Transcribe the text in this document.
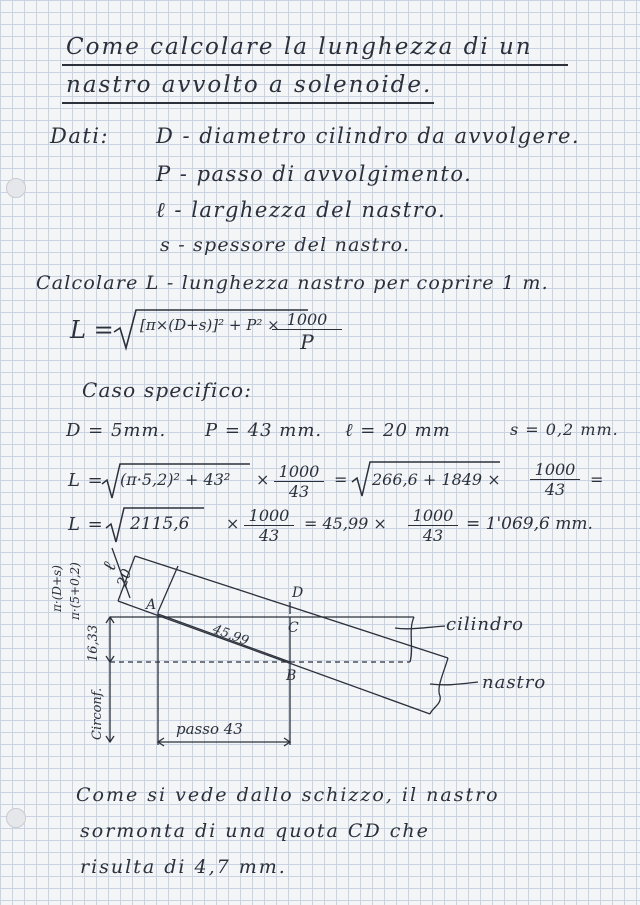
Come calcolare la lunghezza di un
nastro avvolto a solenoide.
Dati: D - diametro cilindro da avvolgere.
P - passo di avvolgimento.
ℓ - larghezza del nastro.
s - spessore del nastro.
Calcolare L - lunghezza nastro per coprire 1 m.
L = [π×(D+s)]² + P² × 1000
P
Caso specifico:
D = 5mm. P = 43 mm. ℓ = 20 mm	s = 0,2 mm.
$L = (\pi\cdot 5,2)^2 + 43^2 \times \frac{1000}{43} = 266,6 + 1849 \times \frac{1000}{43}$ =
$L = 2115,6 \times \frac{1000}{43} = 45,99 \times \frac{1000}{43} = 1'069,6$ mm.
ℓ
20
A
D
C
B
45,99
π·(D+s) π·(5+0,2)
16,33
Circonf.	passo 43
cilindro
nastro
Come si vede dallo schizzo, il nastro
sormonta di una quota CD che
risulta di 4,7 mm.
